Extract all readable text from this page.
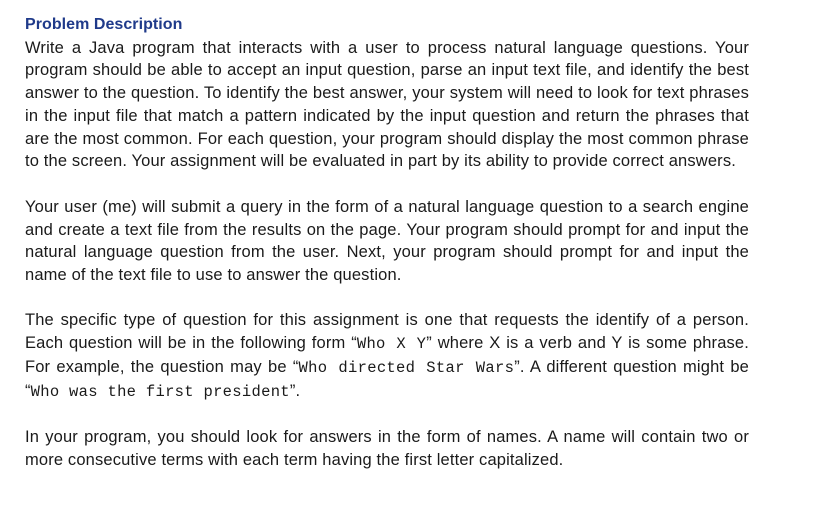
Problem Description

Write a Java program that interacts with a user to process natural language questions. Your program should be able to accept an input question, parse an input text file, and identify the best answer to the question. To identify the best answer, your system will need to look for text phrases in the input file that match a pattern indicated by the input question and return the phrases that are the most common. For each question, your program should display the most common phrase to the screen. Your assignment will be evaluated in part by its ability to provide correct answers.

Your user (me) will submit a query in the form of a natural language question to a search engine and create a text file from the results on the page. Your program should prompt for and input the natural language question from the user. Next, your program should prompt for and input the name of the text file to use to answer the question.

The specific type of question for this assignment is one that requests the identify of a person. Each question will be in the following form “Who X Y” where X is a verb and Y is some phrase. For example, the question may be “Who directed Star Wars”. A different question might be “Who was the first president”.

In your program, you should look for answers in the form of names. A name will contain two or more consecutive terms with each term having the first letter capitalized.
